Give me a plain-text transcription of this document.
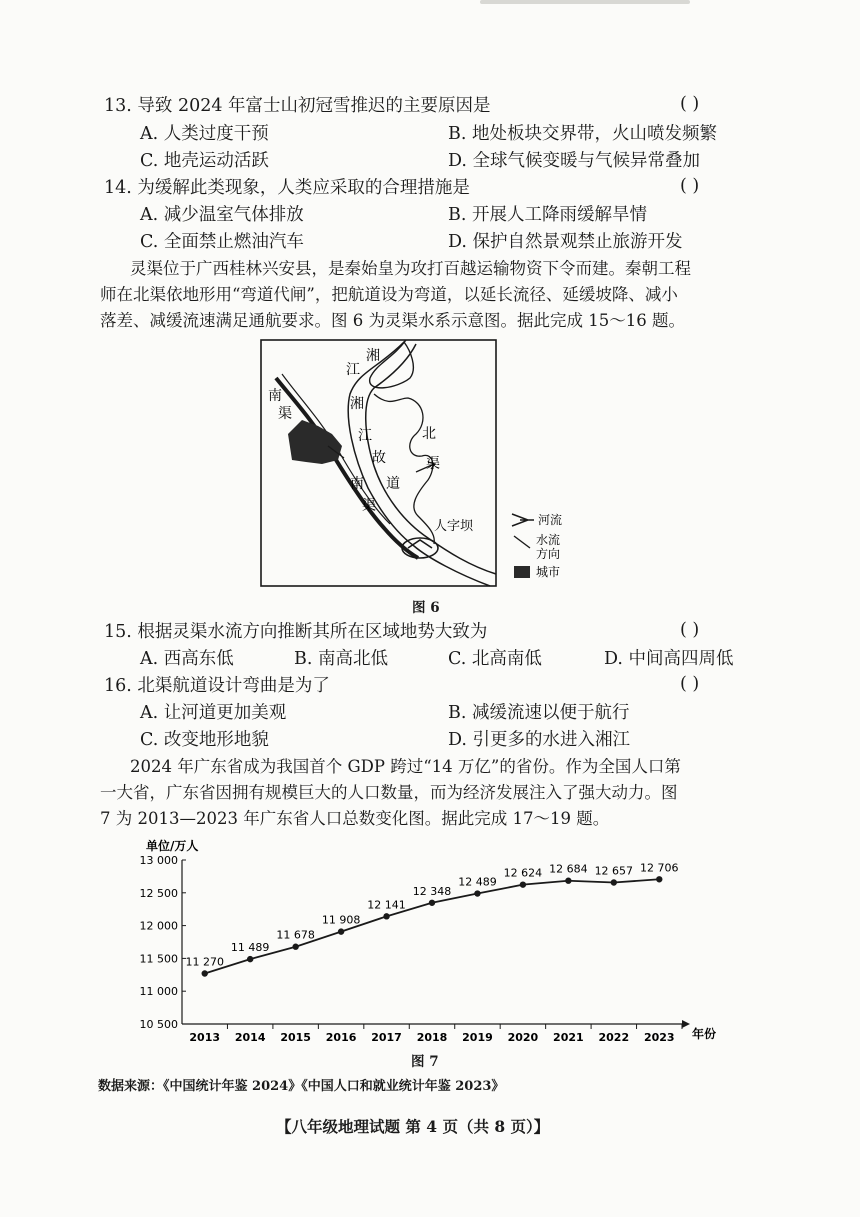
13. 导致 2024 年富士山初冠雪推迟的主要原因是	( )
A. 人类过度干预	B. 地处板块交界带，火山喷发频繁
C. 地壳运动活跃	D. 全球气候变暖与气候异常叠加
14. 为缓解此类现象，人类应采取的合理措施是	( )
A. 减少温室气体排放	B. 开展人工降雨缓解旱情
C. 全面禁止燃油汽车	D. 保护自然景观禁止旅游开发
灵渠位于广西桂林兴安县，是秦始皇为攻打百越运输物资下令而建。秦朝工程
师在北渠依地形用“弯道代闸”，把航道设为弯道，以延长流径、延缓坡降、减小
落差、减缓流速满足通航要求。图 6 为灵渠水系示意图。据此完成 15～16 题。
湘
江
南
渠
湘
江
故
道
北
渠
南
渠
人字坝	河流
水流
方向
城市
图 6
15. 根据灵渠水流方向推断其所在区域地势大致为	( )
A. 西高东低	B. 南高北低	C. 北高南低	D. 中间高四周低
16. 北渠航道设计弯曲是为了	( )
A. 让河道更加美观	B. 减缓流速以便于航行
C. 改变地形地貌	D. 引更多的水进入湘江
2024 年广东省成为我国首个 GDP 跨过“14 万亿”的省份。作为全国人口第
一大省，广东省因拥有规模巨大的人口数量，而为经济发展注入了强大动力。图
7 为 2013—2023 年广东省人口总数变化图。据此完成 17～19 题。
单位/万人
年份
10 500
11 000
11 500
12 000
12 500
13 000
2013 2014 2015 2016 2017 2018 2019 2020 2021 2022 2023
11 270
11 489
11 678
11 908
12 141
12 348
12 489
12 624 12 684 12 657 12 706
图 7
数据来源：《中国统计年鉴 2024》《中国人口和就业统计年鉴 2023》
【八年级地理试题 第 4 页（共 8 页）】
